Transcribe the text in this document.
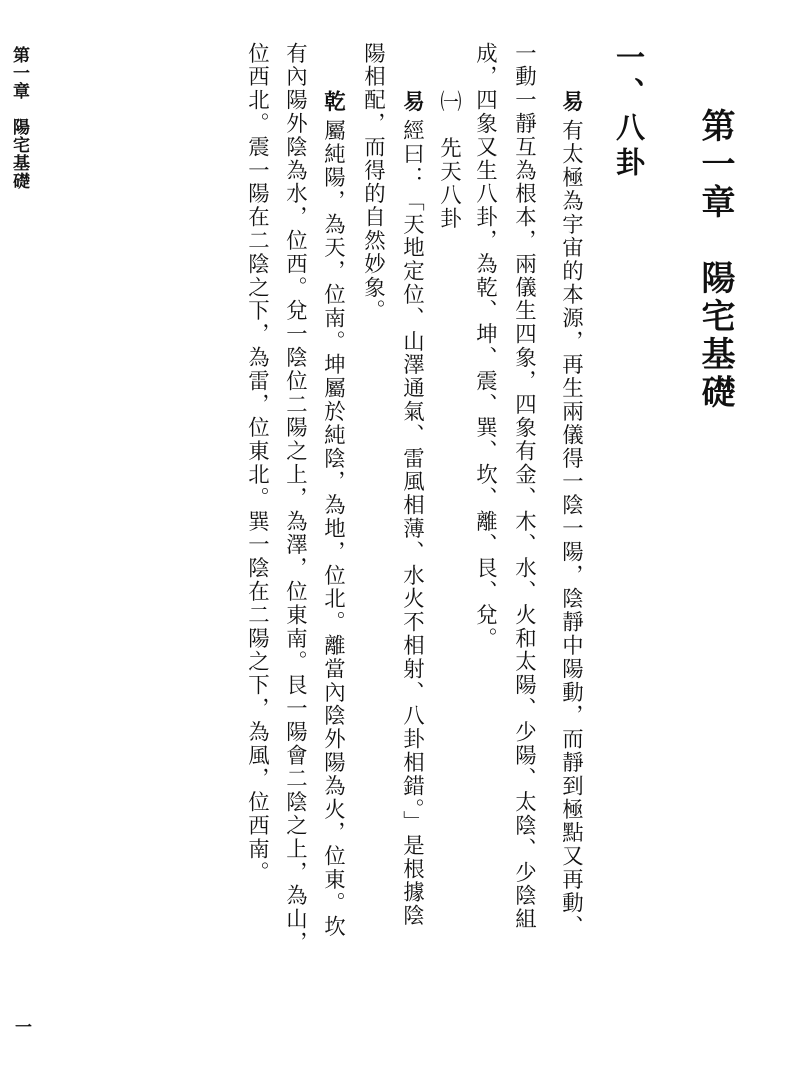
第一章　陽宅基礎
一
第一章　陽宅基礎
一、八卦
易有太極為宇宙的本源，再生兩儀得一陰一陽，陰靜中陽動，而靜到極點又再動、
一動一靜互為根本，兩儀生四象，四象有金、木、水、火和太陽、少陽、太陰、少陰組
成，四象又生八卦，為乾、坤、震、巽、坎、離、艮、兌。
㈠　先天八卦
易經曰：「天地定位、山澤通氣、雷風相薄、水火不相射、八卦相錯。」是根據陰
陽相配，而得的自然妙象。
乾屬純陽，為天，位南。坤屬於純陰，為地，位北。離當內陰外陽為火，位東。坎
有內陽外陰為水，位西。兌一陰位二陽之上，為澤，位東南。艮一陽會二陰之上，為山，
位西北。震一陽在二陰之下，為雷，位東北。巽一陰在二陽之下，為風，位西南。
